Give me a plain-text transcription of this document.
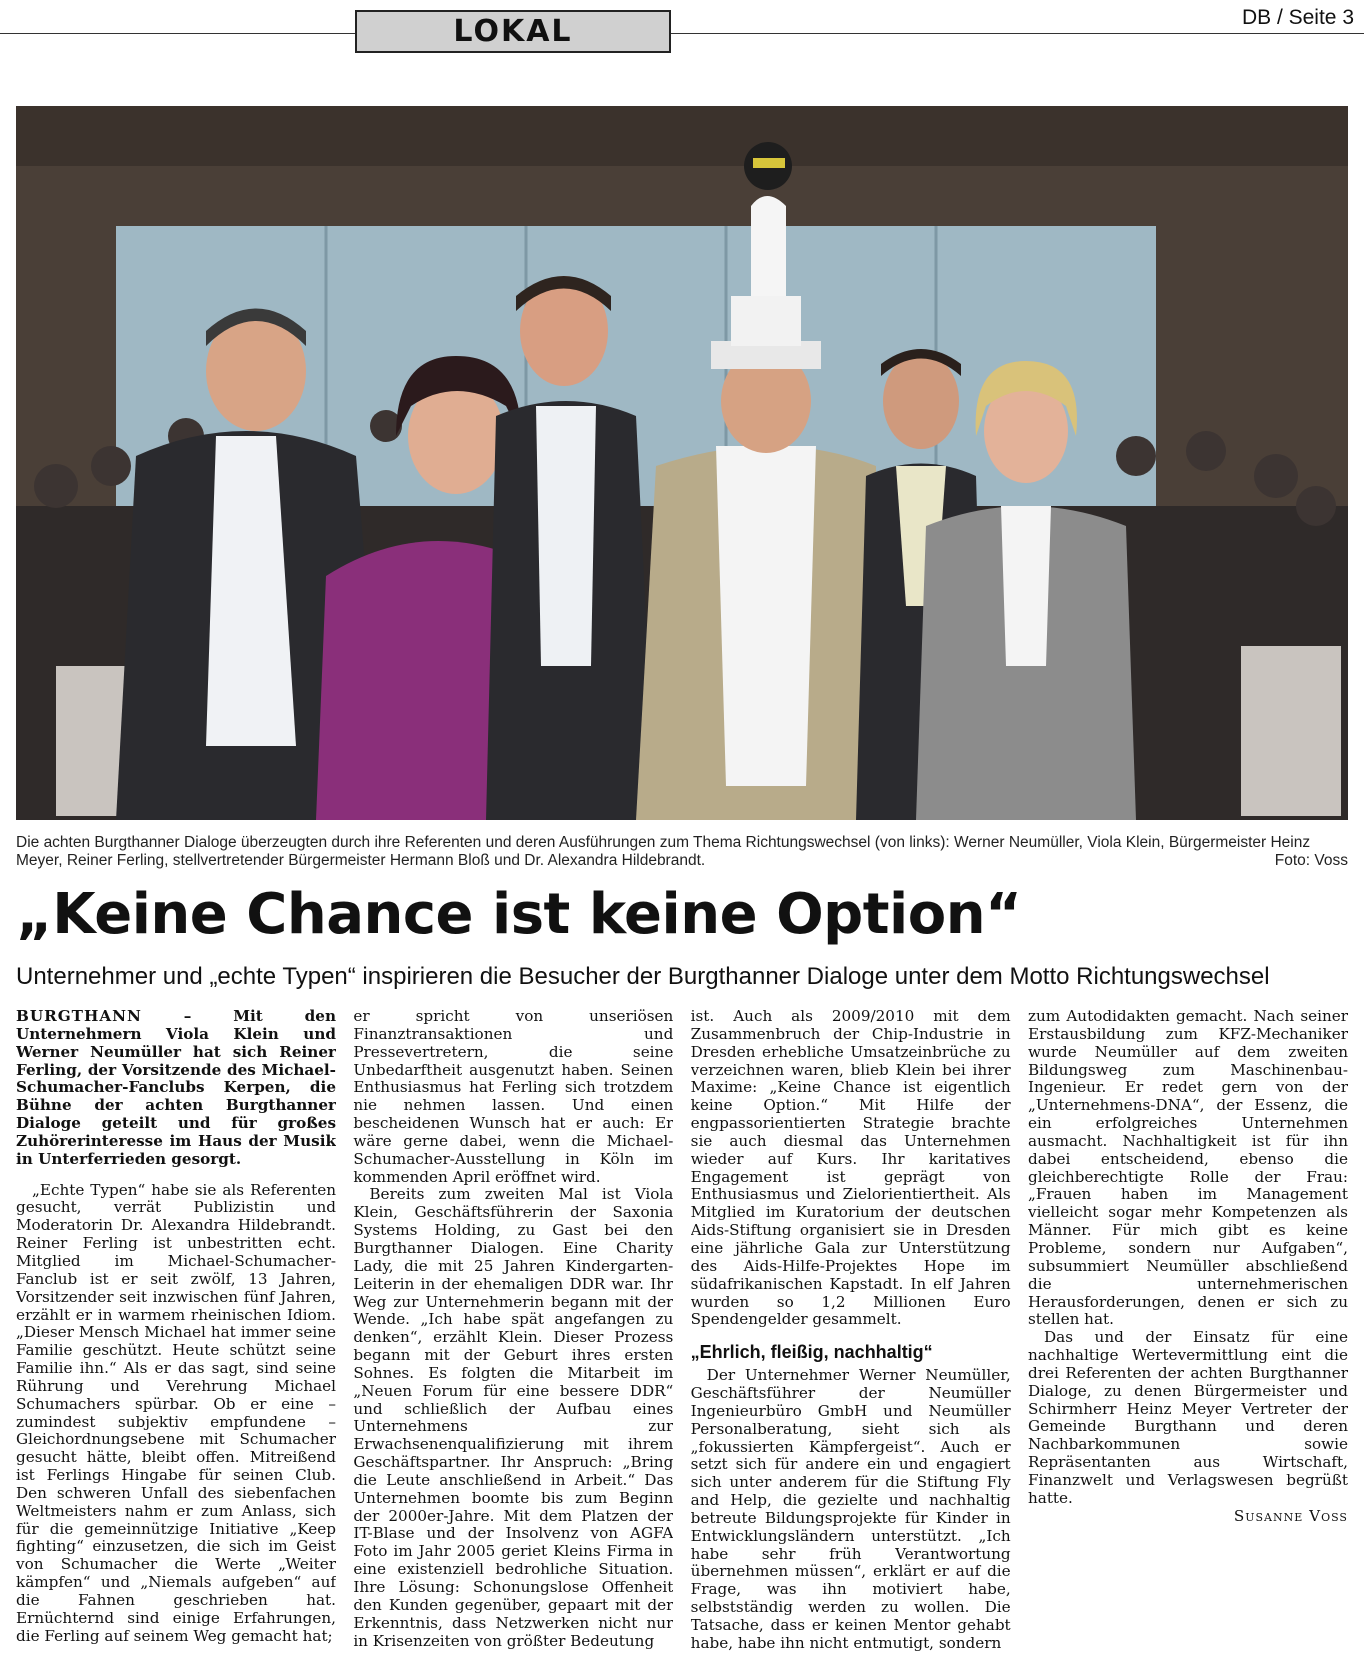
LOKAL	DB / Seite 3
Die achten Burgthanner Dialoge überzeugten durch ihre Referenten und deren Ausführungen zum Thema Richtungswechsel (von links): Werner Neumüller, Viola Klein, Bürgermeister Heinz Meyer, Reiner Ferling, stellvertretender Bürgermeister Hermann Bloß und Dr. Alexandra Hildebrandt.	Foto: Voss
„Keine Chance ist keine Option“
Unternehmer und „echte Typen“ inspirieren die Besucher der Burgthanner Dialoge unter dem Motto Richtungswechsel

BURGTHANN – Mit den Unternehmern Viola Klein und Werner Neumüller hat sich Reiner Ferling, der Vorsitzende des Michael-Schumacher-Fanclubs Kerpen, die Bühne der achten Burgthanner Dialoge geteilt und für großes Zuhörerinteresse im Haus der Musik in Unterferrieden gesorgt.

„Echte Typen“ habe sie als Referenten gesucht, verrät Publizistin und Moderatorin Dr. Alexandra Hildebrandt. Reiner Ferling ist unbestritten echt. Mitglied im Michael-Schumacher-Fanclub ist er seit zwölf, 13 Jahren, Vorsitzender seit inzwischen fünf Jahren, erzählt er in warmem rheinischen Idiom. „Dieser Mensch Michael hat immer seine Familie geschützt. Heute schützt seine Familie ihn.“ Als er das sagt, sind seine Rührung und Verehrung Michael Schumachers spürbar. Ob er eine – zumindest subjektiv empfundene – Gleichordnungsebene mit Schumacher gesucht hätte, bleibt offen. Mitreißend ist Ferlings Hingabe für seinen Club. Den schweren Unfall des siebenfachen Weltmeisters nahm er zum Anlass, sich für die gemeinnützige Initiative „Keep fighting“ einzusetzen, die sich im Geist von Schumacher die Werte „Weiter kämpfen“ und „Niemals aufgeben“ auf die Fahnen geschrieben hat. Ernüchternd sind einige Erfahrungen, die Ferling auf seinem Weg gemacht hat;

er spricht von unseriösen Finanztransaktionen und Pressevertretern, die seine Unbedarftheit ausgenutzt haben. Seinen Enthusiasmus hat Ferling sich trotzdem nie nehmen lassen. Und einen bescheidenen Wunsch hat er auch: Er wäre gerne dabei, wenn die Michael-Schumacher-Ausstellung in Köln im kommenden April eröffnet wird.

Bereits zum zweiten Mal ist Viola Klein, Geschäftsführerin der Saxonia Systems Holding, zu Gast bei den Burgthanner Dialogen. Eine Charity Lady, die mit 25 Jahren Kindergarten-Leiterin in der ehemaligen DDR war. Ihr Weg zur Unternehmerin begann mit der Wende. „Ich habe spät angefangen zu denken“, erzählt Klein. Dieser Prozess begann mit der Geburt ihres ersten Sohnes. Es folgten die Mitarbeit im „Neuen Forum für eine bessere DDR“ und schließlich der Aufbau eines Unternehmens zur Erwachsenenqualifizierung mit ihrem Geschäftspartner. Ihr Anspruch: „Bring die Leute anschließend in Arbeit.“ Das Unternehmen boomte bis zum Beginn der 2000er-Jahre. Mit dem Platzen der IT-Blase und der Insolvenz von AGFA Foto im Jahr 2005 geriet Kleins Firma in eine existenziell bedrohliche Situation. Ihre Lösung: Schonungslose Offenheit den Kunden gegenüber, gepaart mit der Erkenntnis, dass Netzwerken nicht nur in Krisenzeiten von größter Bedeutung

ist. Auch als 2009/2010 mit dem Zusammenbruch der Chip-Industrie in Dresden erhebliche Umsatzeinbrüche zu verzeichnen waren, blieb Klein bei ihrer Maxime: „Keine Chance ist eigentlich keine Option.“ Mit Hilfe der engpassorientierten Strategie brachte sie auch diesmal das Unternehmen wieder auf Kurs. Ihr karitatives Engagement ist geprägt von Enthusiasmus und Zielorientiertheit. Als Mitglied im Kuratorium der deutschen Aids-Stiftung organisiert sie in Dresden eine jährliche Gala zur Unterstützung des Aids-Hilfe-Projektes Hope im südafrikanischen Kapstadt. In elf Jahren wurden so 1,2 Millionen Euro Spendengelder gesammelt.

„Ehrlich, fleißig, nachhaltig“

Der Unternehmer Werner Neumüller, Geschäftsführer der Neumüller Ingenieurbüro GmbH und Neumüller Personalberatung, sieht sich als „fokussierten Kämpfergeist“. Auch er setzt sich für andere ein und engagiert sich unter anderem für die Stiftung Fly and Help, die gezielte und nachhaltig betreute Bildungsprojekte für Kinder in Entwicklungsländern unterstützt. „Ich habe sehr früh Verantwortung übernehmen müssen“, erklärt er auf die Frage, was ihn motiviert habe, selbstständig werden zu wollen. Die Tatsache, dass er keinen Mentor gehabt habe, habe ihn nicht entmutigt, sondern

zum Autodidakten gemacht. Nach seiner Erstausbildung zum KFZ-Mechaniker wurde Neumüller auf dem zweiten Bildungsweg zum Maschinenbau-Ingenieur. Er redet gern von der „Unternehmens-DNA“, der Essenz, die ein erfolgreiches Unternehmen ausmacht. Nachhaltigkeit ist für ihn dabei entscheidend, ebenso die gleichberechtigte Rolle der Frau: „Frauen haben im Management vielleicht sogar mehr Kompetenzen als Männer. Für mich gibt es keine Probleme, sondern nur Aufgaben“, subsummiert Neumüller abschließend die unternehmerischen Herausforderungen, denen er sich zu stellen hat.

Das und der Einsatz für eine nachhaltige Wertevermittlung eint die drei Referenten der achten Burgthanner Dialoge, zu denen Bürgermeister und Schirmherr Heinz Meyer Vertreter der Gemeinde Burgthann und deren Nachbarkommunen sowie Repräsentanten aus Wirtschaft, Finanzwelt und Verlagswesen begrüßt hatte.

Susanne Voss
